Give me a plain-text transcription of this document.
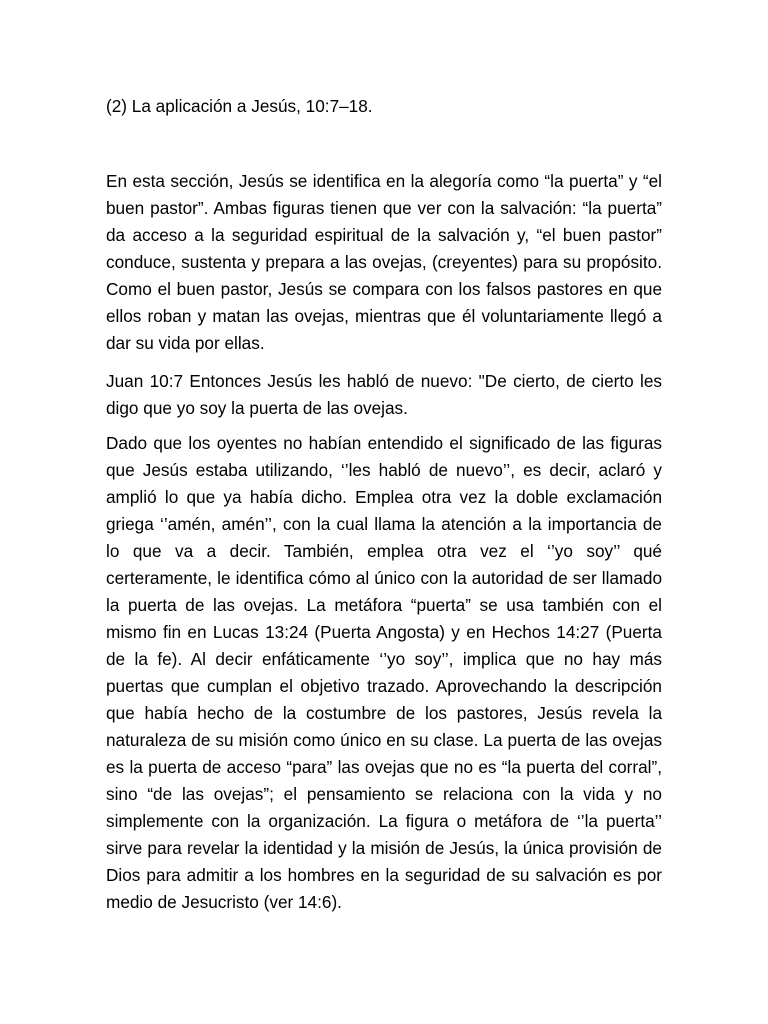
(2) La aplicación a Jesús, 10:7–18.

En esta sección, Jesús se identifica en la alegoría como “la puerta” y “el buen pastor”. Ambas figuras tienen que ver con la salvación: “la puerta” da acceso a la seguridad espiritual de la salvación y, “el buen pastor” conduce, sustenta y prepara a las ovejas, (creyentes) para su propósito. Como el buen pastor, Jesús se compara con los falsos pastores en que ellos roban y matan las ovejas, mientras que él voluntariamente llegó a dar su vida por ellas.

Juan 10:7 Entonces Jesús les habló de nuevo: "De cierto, de cierto les digo que yo soy la puerta de las ovejas.

Dado que los oyentes no habían entendido el significado de las figuras que Jesús estaba utilizando, ‘’les habló de nuevo’’, es decir, aclaró y amplió lo que ya había dicho. Emplea otra vez la doble exclamación griega ‘’amén, amén’’, con la cual llama la atención a la importancia de lo que va a decir. También, emplea otra vez el ‘’yo soy’’ qué certeramente, le identifica cómo al único con la autoridad de ser llamado la puerta de las ovejas. La metáfora “puerta” se usa también con el mismo fin en Lucas 13:24 (Puerta Angosta) y en Hechos 14:27 (Puerta de la fe). Al decir enfáticamente ‘’yo soy’’, implica que no hay más puertas que cumplan el objetivo trazado. Aprovechando la descripción que había hecho de la costumbre de los pastores, Jesús revela la naturaleza de su misión como único en su clase. La puerta de las ovejas es la puerta de acceso “para” las ovejas que no es “la puerta del corral”, sino “de las ovejas”; el pensamiento se relaciona con la vida y no simplemente con la organización. La figura o metáfora de ‘’la puerta’’ sirve para revelar la identidad y la misión de Jesús, la única provisión de Dios para admitir a los hombres en la seguridad de su salvación es por medio de Jesucristo (ver 14:6).
